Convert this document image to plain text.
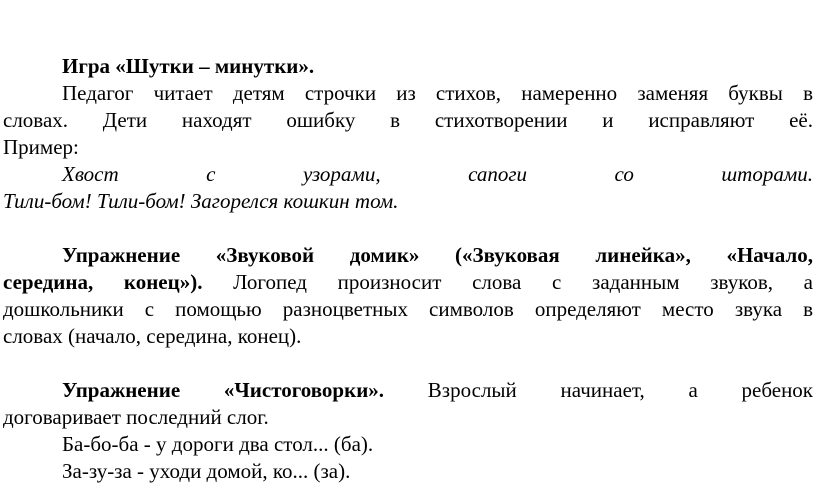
Игра «Шутки – минутки».
Педагог читает детям строчки из стихов, намеренно заменяя буквы в
словах. Дети находят ошибку в стихотворении и исправляют её.
Пример:
Хвост с узорами, сапоги со шторами.
Тили-бом! Тили-бом! Загорелся кошкин том.
Упражнение «Звуковой домик» («Звуковая линейка», «Начало,
середина, конец»). Логопед произносит слова с заданным звуков, а
дошкольники с помощью разноцветных символов определяют место звука в
словах (начало, середина, конец).
Упражнение «Чистоговорки». Взрослый начинает, а ребенок
договаривает последний слог.
Ба-бо-ба - у дороги два стол... (ба).
За-зу-за - уходи домой, ко... (за).
